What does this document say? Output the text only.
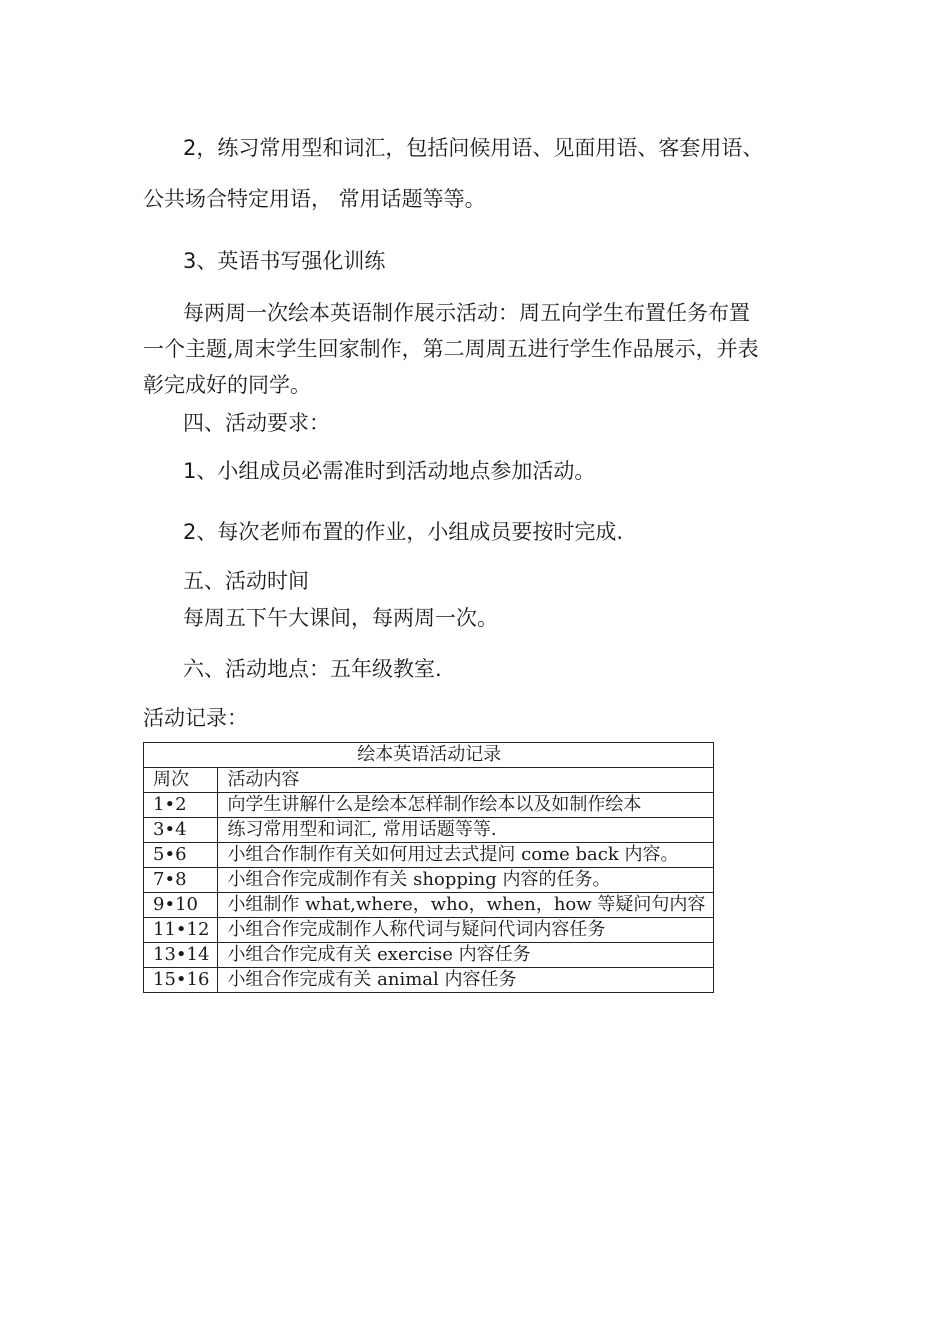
2，练习常用型和词汇，包括问候用语、见面用语、客套用语、
公共场合特定用语， 常用话题等等。
3、英语书写强化训练
每两周一次绘本英语制作展示活动：周五向学生布置任务布置
一个主题,周末学生回家制作，第二周周五进行学生作品展示，并表
彰完成好的同学。
四、活动要求：
1、小组成员必需准时到活动地点参加活动。
2、每次老师布置的作业，小组成员要按时完成.
五、活动时间
每周五下午大课间，每两周一次。
六、活动地点：五年级教室.
活动记录：
绘本英语活动记录	
周次	活动内容
1•2	向学生讲解什么是绘本怎样制作绘本以及如制作绘本
3•4	练习常用型和词汇, 常用话题等等.
5•6	小组合作制作有关如何用过去式提问 come back 内容。
7•8	小组合作完成制作有关 shopping 内容的任务。
9•10	小组制作 what,where，who，when，how 等疑问句内容
11•12	小组合作完成制作人称代词与疑问代词内容任务
13•14	小组合作完成有关 exercise 内容任务
15•16	小组合作完成有关 animal 内容任务
